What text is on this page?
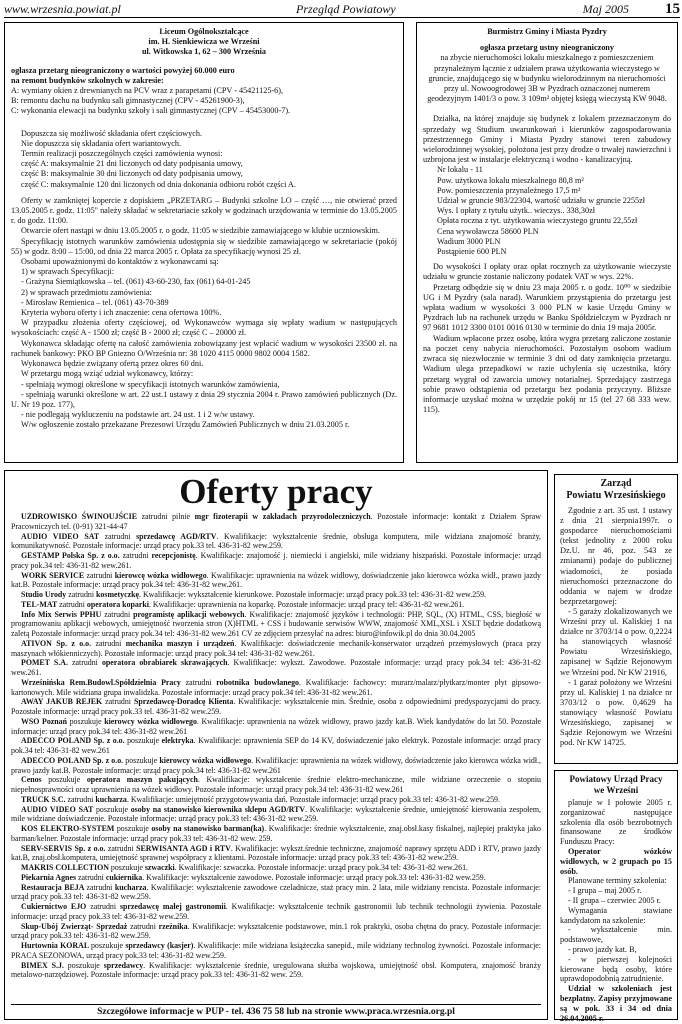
www.wrzesnia.powiat.pl	Przegląd Powiatowy	Maj 2005 15

Liceum Ogólnokształcące

im. H. Sienkiewicza we Wrześni

ul. Witkowska 1, 62 – 300 Września

ogłasza przetarg nieograniczony o wartości powyżej 60.000 euro

na remont budynków szkolnych w zakresie:

A: wymiany okien z drewnianych na PCV wraz z parapetami (CPV - 45421125-6),

B: remontu dachu na budynku sali gimnastycznej (CPV - 45261900-3),

C: wykonania elewacji na budynku szkoły i sali gimnastycznej (CPV – 45453000-7).

Dopuszcza się możliwość składania ofert częściowych.

Nie dopuszcza się składania ofert wariantowych.

Termin realizacji poszczególnych części zamówienia wynosi:

część A: maksymalnie 21 dni liczonych od daty podpisania umowy,

część B: maksymalnie 30 dni liczonych od daty podpisania umowy,

część C: maksymalnie 120 dni liczonych od dnia dokonania odbioru robót części A.

Oferty w zamkniętej kopercie z dopiskiem „PRZETARG – Budynki szkolne LO – część …, nie otwierać przed 13.05.2005 r. godz. 11:05" należy składać w sekretariacie szkoły w godzinach urzędowania w terminie do 13.05.2005 r. do godz. 11:00.

Otwarcie ofert nastąpi w dniu 13.05.2005 r. o godz. 11:05 w siedzibie zamawiającego w klubie uczniowskim.

Specyfikację istotnych warunków zamówienia udostępnia się w siedzibie zamawiającego w sekretariacie (pokój 55) w godz. 8:00 – 15:00, od dnia 22 marca 2005 r. Opłata za specyfikację wynosi 25 zł.

Osobami upoważnionymi do kontaktów z wykonawcami są:

1) w sprawach Specyfikacji:

- Grażyna Siemiątkowska – tel. (061) 43-60-230, fax (061) 64-01-245

2) w sprawach przedmiotu zamówienia:

- Mirosław Remienica – tel. (061) 43-70-389

Kryteria wyboru oferty i ich znaczenie: cena ofertowa 100%.

W przypadku złożenia oferty częściowej, od Wykonawców wymaga się wpłaty wadium w następujących wysokościach: część A - 1500 zł; część B - 2000 zł; część C – 20000 zł.

Wykonawca składając ofertę na całość zamówienia zobowiązany jest wpłacić wadium w wysokości 23500 zł. na rachunek bankowy: PKO BP Gniezno O/Września nr: 38 1020 4115 0000 9802 0004 1582.

Wykonawca będzie związany ofertą przez okres 60 dni.

W przetargu mogą wziąć udział wykonawcy, którzy:

- spełniają wymogi określone w specyfikacji istotnych warunków zamówienia,

- spełniają warunki określone w art. 22 ust.1 ustawy z dnia 29 stycznia 2004 r. Prawo zamówień publicznych (Dz. U. Nr 19 poz. 177),

- nie podlegają wykluczeniu na podstawie art. 24 ust. 1 i 2 w/w ustawy.

W/w ogłoszenie zostało przekazane Prezesowi Urzędu Zamówień Publicznych w dniu 21.03.2005 r.

Burmistrz Gminy i Miasta Pyzdry

ogłasza przetarg ustny nieograniczony

na zbycie nieruchomości lokalu mieszkalnego z pomieszczeniem przynależnym łącznie z udziałem prawa użytkowania wieczystego w gruncie, znajdującego się w budynku wielorodzinnym na nieruchomości przy ul. Nowoogrodowej 3B w Pyzdrach oznaczonej numerem geodezyjnym 1401/3 o pow. 3 109m² objętej księgą wieczystą KW 9048.

Działka, na której znajduje się budynek z lokalem przeznaczonym do sprzedaży wg Studium uwarunkowań i kierunków zagospodarowania przestrzennego Gminy i Miasta Pyzdry stanowi teren zabudowy wielorodzinnej wysokiej, położona jest przy drodze o trwałej nawierzchni i uzbrojona jest w instalacje elektryczną i wodno - kanalizacyjną.

Nr lokalu - 11

Pow. użytkowa lokalu mieszkalnego 80,8 m²

Pow. pomieszczenia przynależnego 17,5 m²

Udział w gruncie 983/22304, wartość udziału w gruncie 2255zł

Wys. I opłaty z tytułu użytk.. wieczys.. 338,30zł

Opłata roczna z tyt. użytkowania wieczystego gruntu 22,55zł

Cena wywoławcza 58600 PLN

Wadium 3000 PLN

Postąpienie 600 PLN

Do wysokości I opłaty oraz opłat rocznych za użytkowanie wieczyste udziału w gruncie zostanie naliczony podatek VAT w wys. 22%.

Przetarg odbędzie się w dniu 23 maja 2005 r. o godz. 10⁰⁰ w siedzibie UG i M Pyzdry (sala narad). Warunkiem przystąpienia do przetargu jest wpłata wadium w wysokości 3 000 PLN w kasie Urzędu Gminy w Pyzdrach lub na rachunek urzędu w Banku Spółdzielczym w Pyzdrach nr 97 9681 1012 3300 0101 0016 0130 w terminie do dnia 19 maja 2005r.

Wadium wpłacone przez osobę, która wygra przetarg zaliczone zostanie na poczet ceny nabycia nieruchomości. Pozostałym osobom wadium zwraca się niezwłocznie w terminie 3 dni od daty zamknięcia przetargu. Wadium ulega przepadkowi w razie uchylenia się uczestnika, który przetarg wygrał od zawarcia umowy notarialnej. Sprzedający zastrzega sobie prawo odstąpienia od przetargu bez podania przyczyny. Bliższe informacje uzyskać można w urzędzie pokój nr 15 (tel 27 68 333 wew. 115).

Oferty pracy

UZDROWISKO ŚWINOUJŚCIE zatrudni pilnie mgr fizoterapii w zakładach przyrodoleczniczych. Pozostałe informacje: kontakt z Działem Spraw Pracowniczych tel. (0-91) 321-44-47

AUDIO VIDEO SAT zatrudni sprzedawcę AGD/RTV. Kwalifikacje: wykształcenie średnie, obsługa komputera, mile widziana znajomość branży, komunikatywność. Pozostałe informacje: urząd pracy pok.33 tel. 436-31-82 wew.259.

GESTAMP Polska Sp. z o.o. zatrudni recepcjonistę. Kwalifikacje: znajomość j. niemiecki i angielski, mile widziany hiszpański. Pozostałe informacje: urząd pracy pok.34 tel: 436-31-82 wew.261.

WORK SERVICE zatrudni kierowcę wózka widłowego. Kwalifikacje: uprawnienia na wózek widłowy, doświadczenie jako kierowca wózka widł., prawo jazdy kat.B. Pozostałe informacje: urząd pracy pok.34 tel: 436-31-82 wew.261.

Studio Urody zatrudni kosmetyczkę. Kwalifikacje: wykształcenie kierunkowe. Pozostałe informacje: urząd pracy pok.33 tel: 436-31-82 wew.259.

TEL-MAT zatrudni operatora koparki. Kwalifikacje: uprawnienia na koparkę. Pozostałe informacje: urząd pracy tel: 436-31-82 wew.261.

Info Mix Serwis PPHU zatrudni programistę aplikacji webowych. Kwalifikacje: znajomość języków i technologii: PHP, SQL, (X) HTML, CSS, biegłość w programowaniu aplikacji webowych, umiejętność tworzenia stron (X)HTML + CSS i budowanie serwisów WWW, znajomość XML,XSL i XSLT będzie dodatkową zaletą Pozostałe informacje: urząd pracy pok.34 tel: 436-31-82 wew.261 CV ze zdjęciem przesyłać na adres: biuro@infowik.pl do dnia 30.04.2005

ATIVON Sp. z o.o. zatrudni mechanika maszyn i urządzeń. Kwalifikacje: doświadczenie mechanik-konserwator urządzeń przemysłowych (praca przy maszynach włókienniczych). Pozostałe informacje: urząd pracy pok.34 tel: 436-31-82 wew.261.

POMET S.A. zatrudni operatora obrabiarek skrawających. Kwalifikacje: wykszt. Zawodowe. Pozostałe informacje: urząd pracy pok.34 tel: 436-31-82 wew.261.

Wrześnińska Rem.Budowl.Spółdzielnia Pracy zatrudni robotnika budowlanego. Kwalifikacje: fachowcy: murarz/malarz/płytkarz/monter płyt gipsowo-kartonowych. Mile widziana grupa inwalidzka. Pozostałe informacje: urząd pracy pok.34 tel: 436-31-82 wew.261.

AWAY JAKUB REJEK zatrudni Sprzedawcę-Doradcę Klienta. Kwalifikacje: wykształcenie min. Średnie, osoba z odpowiednimi predyspozycjami do pracy. Pozostałe informacje: urząd pracy pok.33 tel. 436-31-82 wew.259.

WSO Poznań poszukuje kierowcy wózka widłowego. Kwalifikacje: uprawnienia na wózek widłowy, prawo jazdy kat.B. Wiek kandydatów do lat 50. Pozostałe informacje: urząd pracy pok.34 tel: 436-31-82 wew.261

ADECCO POLAND Sp. z o.o. poszukuje elektryka. Kwalifikacje: uprawnienia SEP do 14 KV, doświadczenie jako elektryk. Pozostałe informacje: urząd pracy pok.34 tel: 436-31-82 wew.261

ADECCO POLAND Sp. z o.o. poszukuje kierowcy wózka widłowego. Kwalifikacje: uprawnienia na wózek widłowy, doświadczenie jako kierowca wózka widł., prawo jazdy kat.B. Pozostałe informacje: urząd pracy pok.34 tel: 436-31-82 wew.261

Cenos poszukuje operatora maszyn pakujących. Kwalifikacje: wykształcenie średnie elektro-mechaniczne, mile widziane orzeczenie o stopniu niepełnosprawności oraz uprawnienia na wózek widłowy. Pozostałe informacje: urząd pracy pok.34 tel: 436-31-82 wew.261

TRUCK S.C. zatrudni kucharza. Kwalifikacje: umiejętność przygotowywania dań. Pozostałe informacje: urząd pracy pok.33 tel: 436-31-82 wew.259.

AUDIO VIDEO SAT poszukuje osoby na stanowisko kierownika sklepu AGD/RTV. Kwalifikacje: wykształcenie średnie, umiejętność kierowania zespołem, mile widziane doświadczenie. Pozostałe informacje: urząd pracy pok.33 tel: 436-31-82 wew.259.

KOS ELEKTRO-SYSTEM poszukuje osoby na stanowisko barman(ka). Kwalifikacje: średnie wykształcenie, znaj.obsł.kasy fiskalnej, najlepiej praktyka jako barman/kelner. Pozostałe informacje: urząd pracy pok.33 tel: 436-31-82 wew. 259.

SERV-SERVIS Sp. z o.o. zatrudni SERWISANTA AGD i RTV. Kwalifikacje: wykszt.średnie techniczne, znajomość naprawy sprzętu ADD i RTV, prawo jazdy kat.B, znaj.obsł.komputera, umiejętność sprawnej współpracy z klientami. Pozostałe informacje: urząd pracy pok.33 tel: 436-31-82 wew.259.

MAKRIS COLLECTION poszukuje szwaczki. Kwalifikacje: szwaczka. Pozostałe informacje: urząd pracy pok.34 tel: 436-31-82 wew.261.

Piekarnia Agnes zatrudni cukiernika. Kwalifikacje: wykształcenie zawodowe. Pozostałe informacje: urząd pracy pok.33 tel: 436-31-82 wew.259.

Restauracja BEJA zatrudni kucharza. Kwalifikacje: wykształcenie zawodowe czeladnicze, staż pracy min. 2 lata, mile widziany rencista. Pozostałe informacje: urząd pracy pok.33 tel: 436-31-82 wew.259.

Cukiernictwo EJO zatrudni sprzedawcę małej gastronomii. Kwalifikacje: wykształcenie technik gastronomii lub technik technologii żywienia. Pozostałe informacje: urząd pracy pok.33 tel: 436-31-82 wew.259.

Skup-Ubój Zwierząt- Sprzedaż zatrudni rzeźnika. Kwalifikacje: wykształcenie podstawowe, min.1 rok praktyki, osoba chętna do pracy. Pozostałe informacje: urząd pracy pok.33 tel: 436-31-82 wew.259.

Hurtownia KORAL poszukuje sprzedawcy (kasjer). Kwalifikacje: mile widziana książeczka sanepid., mile widziany technolog żywności. Pozostałe informacje: PRACA SEZONOWA, urząd pracy pok.33 tel: 436-31-82 wew.259.

BIMEX S.J. poszukuje sprzedawcy. Kwalifikacje: wykształcenie średnie, uregulowana służba wojskowa, umiejętność obsł. Komputera, znajomość branży metalowo-narzędziowej. Pozostałe informacje: urząd pracy pok.33 tel: 436-31-82 wew. 259.

Szczegółowe informacje w PUP - tel. 436 75 58 lub na stronie www.praca.wrzesnia.org.pl
Zarząd
Powiatu Wrzesińskiego

Zgodnie z art. 35 ust. 1 ustawy z dnia 21 sierpnia1997r. o gospodarce nieruchomościami (tekst jednolity z 2000 roku Dz.U. nr 46, poz. 543 ze zmianami) podaje do publicznej wiadomości, że posiada nieruchomości przeznaczone do oddania w najem w drodze bezprzetargowej:

- 5 garaży zlokalizowanych we Wrześni przy ul. Kaliskiej 1 na działce nr 3703/14 o pow. 0,2224 ha stanowiących własność Powiatu Wrzesińskiego, zapisanej w Sądzie Rejonowym we Wrześni pod. Nr KW 21916,

- 1 garaż położony we Wrześni przy ul. Kaliskiej 1 na działce nr 3703/12 o pow. 0,4629 ha stanowiący własność Powiatu Wrzesińskiego, zapisanej w Sądzie Rejonowym we Wrześni pod. Nr KW 14725.

Powiatowy Urząd Pracy
we Wrześni

planuje w I połowie 2005 r. zorganizować następujące szkolenia dla osób bezrobotnych finansowane ze środków Funduszu Pracy:

Operator wózków widłowych, w 2 grupach po 15 osób.

Planowane terminy szkolenia:

- I grupa – maj 2005 r.

- II grupa – czerwiec 2005 r.

Wymagania stawiane kandydatom na szkolenie:

- wykształcenie min. podstawowe,

- prawo jazdy kat. B,

- w pierwszej kolejności kierowane będą osoby, które uprawdopodobnią zatrudnienie.

Udział w szkoleniach jest bezpłatny. Zapisy przyjmowane są w pok. 33 i 34 od dnia 26.04.2005 r.
